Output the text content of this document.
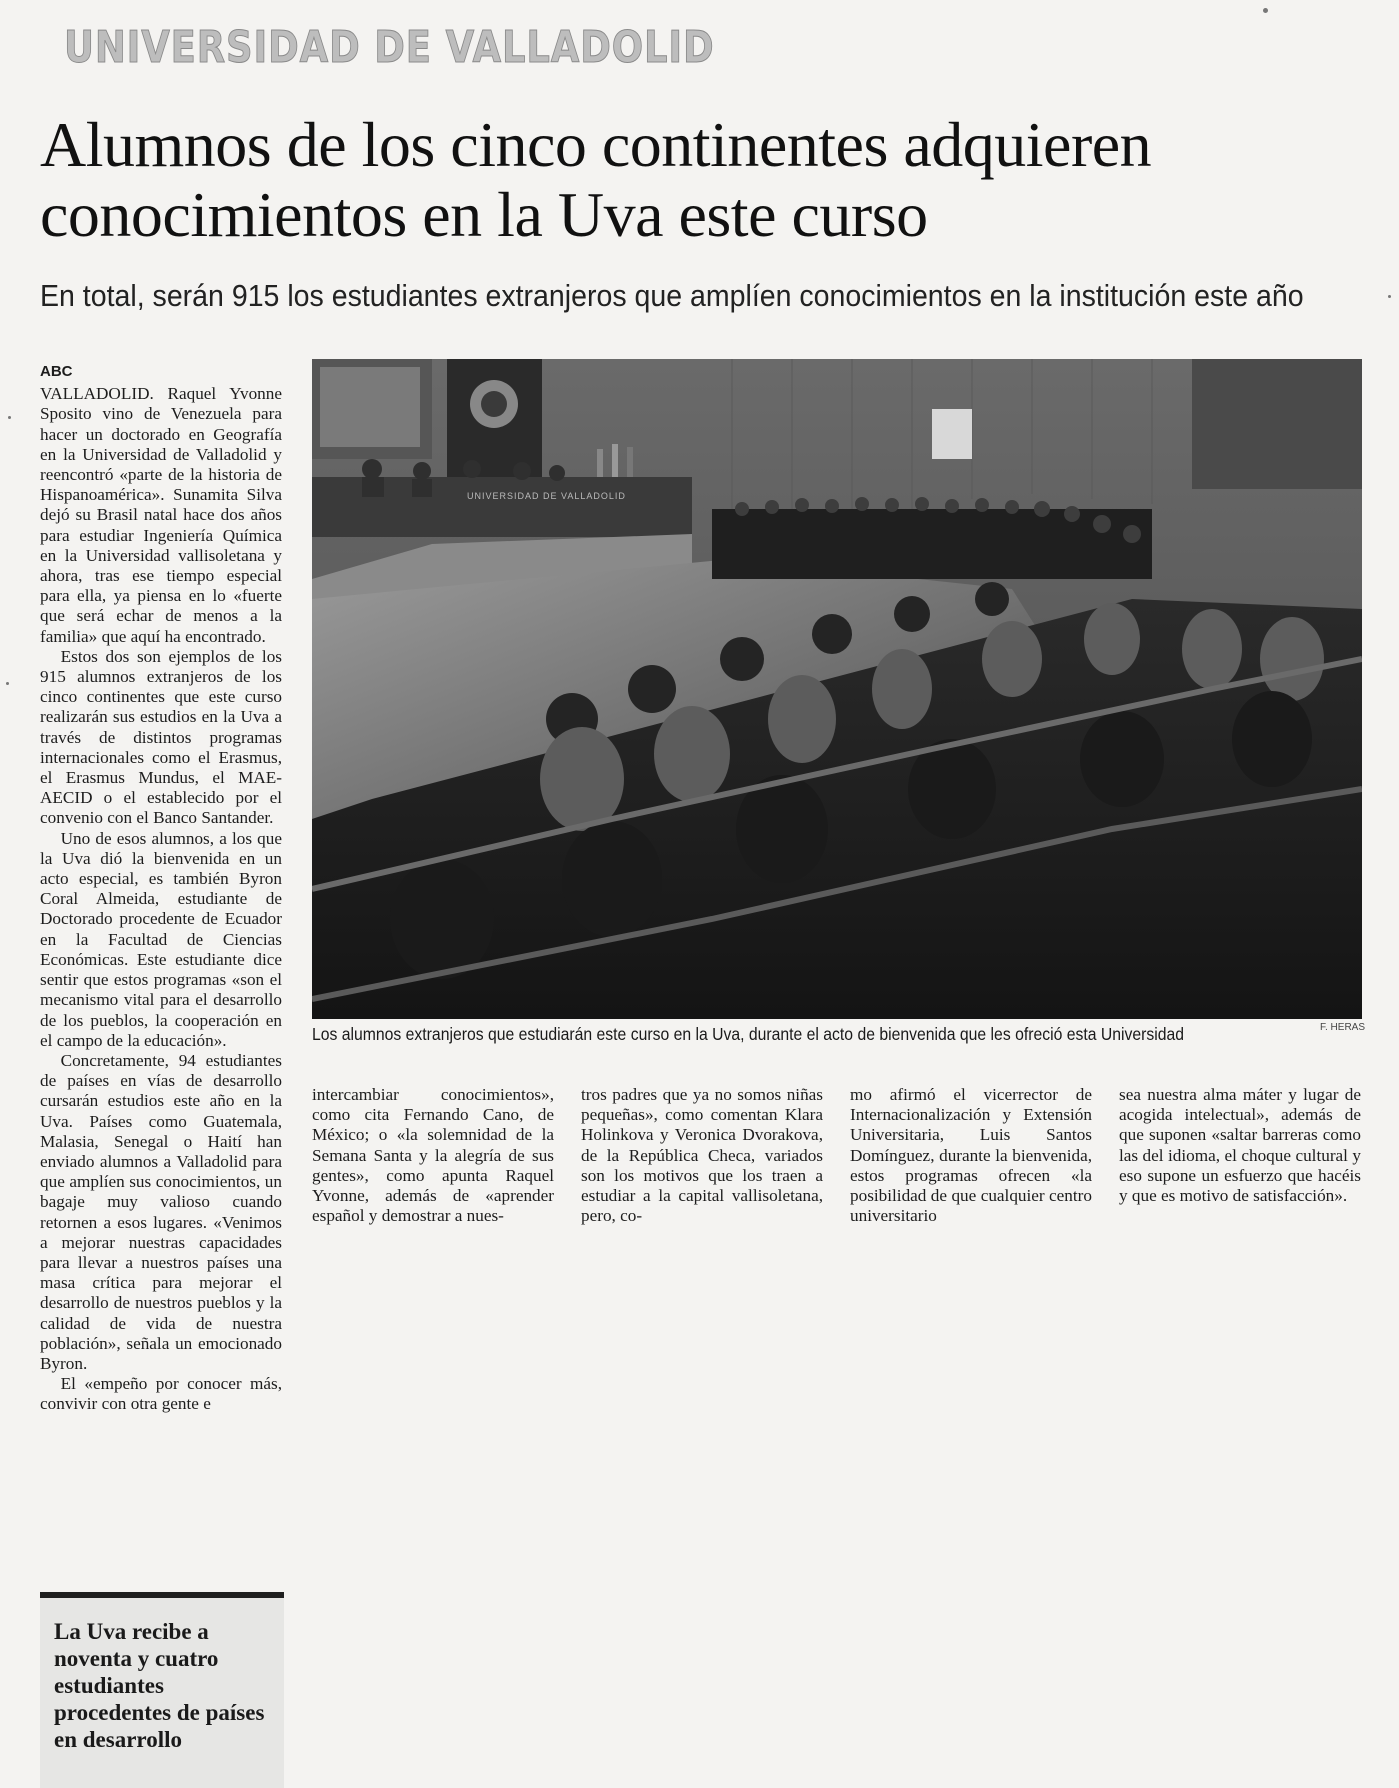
UNIVERSIDAD DE VALLADOLID
Alumnos de los cinco continentes adquieren conocimientos en la Uva este curso
En total, serán 915 los estudiantes extranjeros que amplíen conocimientos en la institución este año
ABC

VALLADOLID. Raquel Yvonne Sposito vino de Venezuela para hacer un doctorado en Geografía en la Universidad de Valladolid y reencontró «parte de la historia de Hispanoamérica». Sunamita Silva dejó su Brasil natal hace dos años para estudiar Ingeniería Química en la Universidad vallisoletana y ahora, tras ese tiempo especial para ella, ya piensa en lo «fuerte que será echar de menos a la familia» que aquí ha encontrado.

Estos dos son ejemplos de los 915 alumnos extranjeros de los cinco continentes que este curso realizarán sus estudios en la Uva a través de distintos programas internacionales como el Erasmus, el Erasmus Mundus, el MAE-AECID o el establecido por el convenio con el Banco Santander.

Uno de esos alumnos, a los que la Uva dió la bienvenida en un acto especial, es también Byron Coral Almeida, estudiante de Doctorado procedente de Ecuador en la Facultad de Ciencias Económicas. Este estudiante dice sentir que estos programas «son el mecanismo vital para el desarrollo de los pueblos, la cooperación en el campo de la educación».

Concretamente, 94 estudiantes de países en vías de desarrollo cursarán estudios este año en la Uva. Países como Guatemala, Malasia, Senegal o Haití han enviado alumnos a Valladolid para que amplíen sus conocimientos, un bagaje muy valioso cuando retornen a esos lugares. «Venimos a mejorar nuestras capacidades para llevar a nuestros países una masa crítica para mejorar el desarrollo de nuestros pueblos y la calidad de vida de nuestra población», señala un emocionado Byron.

El «empeño por conocer más, convivir con otra gente e

UNIVERSIDAD DE VALLADOLID
Los alumnos extranjeros que estudiarán este curso en la Uva, durante el acto de bienvenida que les ofreció esta Universidad	F. HERAS

intercambiar conocimientos», como cita Fernando Cano, de México; o «la solemnidad de la Semana Santa y la alegría de sus gentes», como apunta Raquel Yvonne, además de «aprender español y demostrar a nues-

tros padres que ya no somos niñas pequeñas», como comentan Klara Holinkova y Veronica Dvorakova, de la República Checa, variados son los motivos que los traen a estudiar a la capital vallisoletana, pero, co-

mo afirmó el vicerrector de Internacionalización y Extensión Universitaria, Luis Santos Domínguez, durante la bienvenida, estos programas ofrecen «la posibilidad de que cualquier centro universitario

sea nuestra alma máter y lugar de acogida intelectual», además de que suponen «saltar barreras como las del idioma, el choque cultural y eso supone un esfuerzo que hacéis y que es motivo de satisfacción».

La Uva recibe a noventa y cuatro estudiantes procedentes de países en desarrollo
